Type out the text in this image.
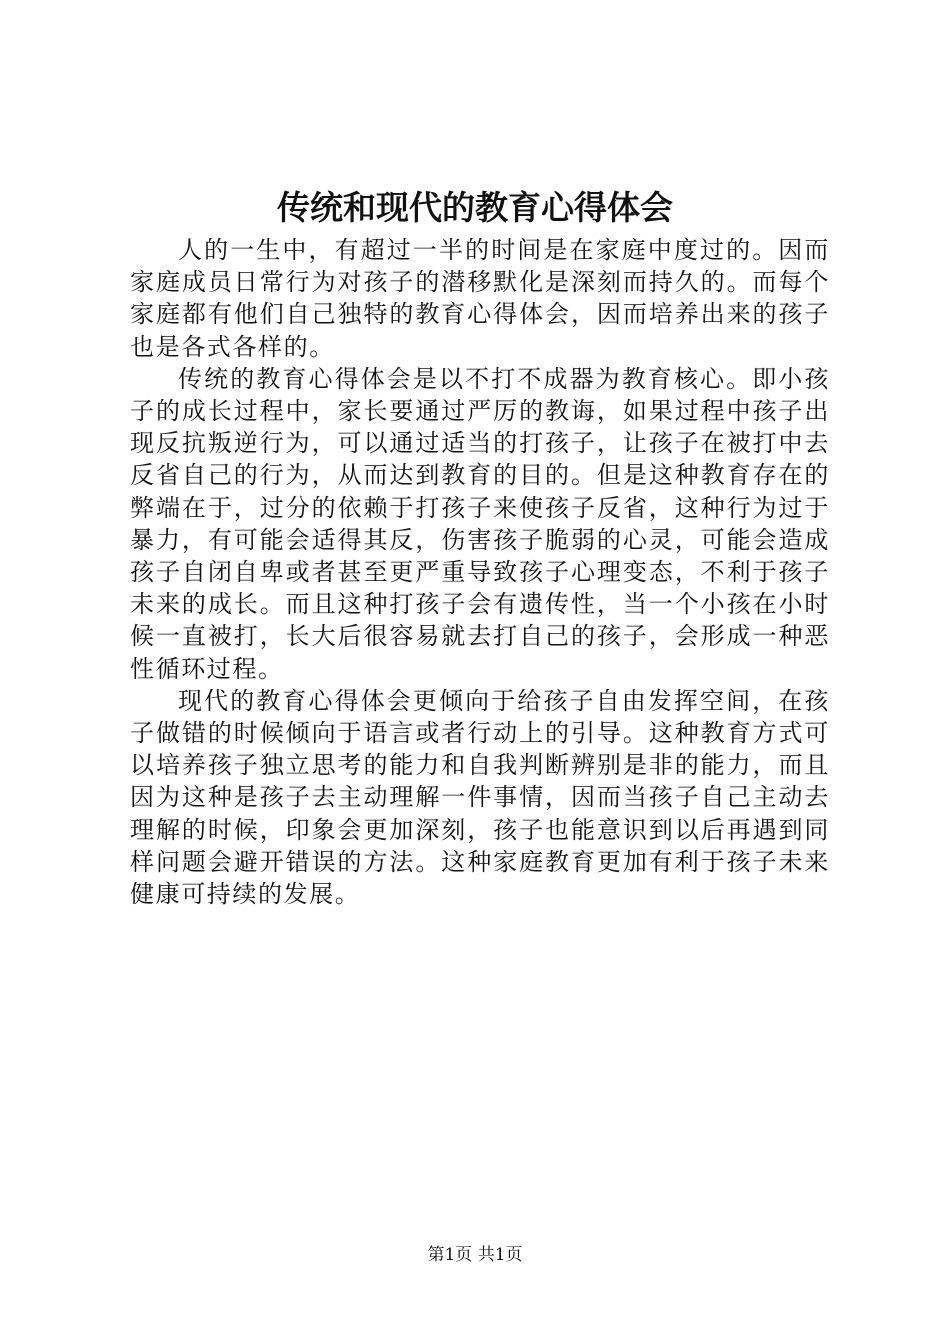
传统和现代的教育心得体会

人的一生中，有超过一半的时间是在家庭中度过的。因而家庭成员日常行为对孩子的潜移默化是深刻而持久的。而每个家庭都有他们自己独特的教育心得体会，因而培养出来的孩子也是各式各样的。

传统的教育心得体会是以不打不成器为教育核心。即小孩子的成长过程中，家长要通过严厉的教诲，如果过程中孩子出现反抗叛逆行为，可以通过适当的打孩子，让孩子在被打中去反省自己的行为，从而达到教育的目的。但是这种教育存在的弊端在于，过分的依赖于打孩子来使孩子反省，这种行为过于暴力，有可能会适得其反，伤害孩子脆弱的心灵，可能会造成孩子自闭自卑或者甚至更严重导致孩子心理变态，不利于孩子未来的成长。而且这种打孩子会有遗传性，当一个小孩在小时候一直被打，长大后很容易就去打自己的孩子，会形成一种恶性循环过程。

现代的教育心得体会更倾向于给孩子自由发挥空间，在孩子做错的时候倾向于语言或者行动上的引导。这种教育方式可以培养孩子独立思考的能力和自我判断辨别是非的能力，而且因为这种是孩子去主动理解一件事情，因而当孩子自己主动去理解的时候，印象会更加深刻，孩子也能意识到以后再遇到同样问题会避开错误的方法。这种家庭教育更加有利于孩子未来健康可持续的发展。

第1页 共1页
